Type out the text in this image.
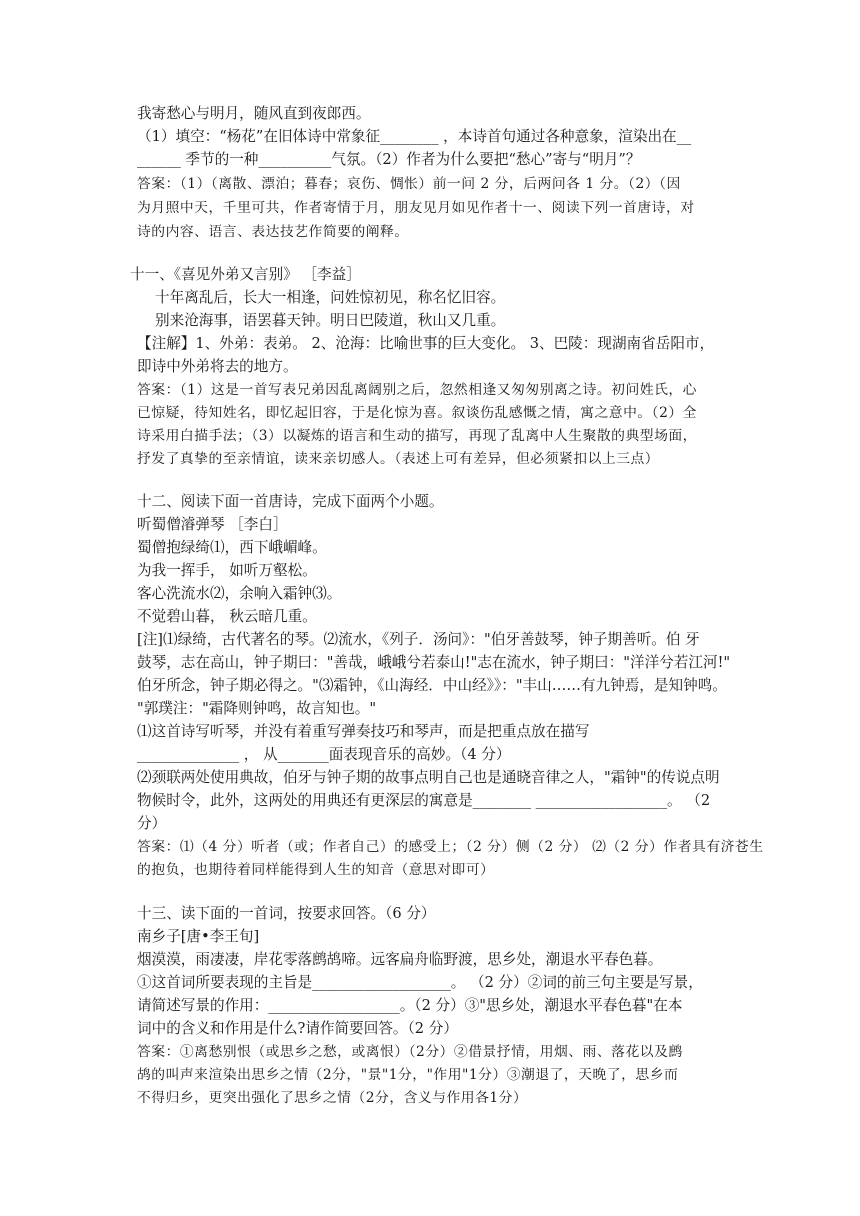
我寄愁心与明月，随风直到夜郎西。
（1）填空：“杨花”在旧体诗中常象征________ ，本诗首句通过各种意象，渲染出在__
______ 季节的一种__________气氛。（2）作者为什么要把“愁心”寄与“明月”？
答案：（1）（离散、漂泊；暮春；哀伤、惆怅）前一问 2 分，后两问各 1 分。（2）（因
为月照中天，千里可共，作者寄情于月，朋友见月如见作者十一、阅读下列一首唐诗，对
诗的内容、语言、表达技艺作简要的阐释。
十一、《喜见外弟又言别》 ［李益］
十年离乱后，长大一相逢，问姓惊初见，称名忆旧容。
别来沧海事，语罢暮天钟。明日巴陵道，秋山又几重。
【注解】1、外弟：表弟。 2、沧海：比喻世事的巨大变化。 3、巴陵：现湖南省岳阳市，
即诗中外弟将去的地方。
答案：（1）这是一首写表兄弟因乱离阔别之后，忽然相逢又匆匆别离之诗。初问姓氏，心
已惊疑，待知姓名，即忆起旧容，于是化惊为喜。叙谈伤乱感慨之情，寓之意中。（2）全
诗采用白描手法；（3）以凝炼的语言和生动的描写，再现了乱离中人生聚散的典型场面，
抒发了真挚的至亲情谊，读来亲切感人。（表述上可有差异，但必须紧扣以上三点）
十二、阅读下面一首唐诗，完成下面两个小题。
听蜀僧濬弹琴 ［李白］
蜀僧抱绿绮⑴，西下峨嵋峰。
为我一挥手， 如听万壑松。
客心洗流水⑵，余响入霜钟⑶。
不觉碧山暮， 秋云暗几重。
[注]⑴绿绮，古代著名的琴。⑵流水，《列子．汤问》："伯牙善鼓琴，钟子期善听。伯 牙
鼓琴，志在高山，钟子期曰："善哉，峨峨兮若泰山!"志在流水，钟子期曰："洋洋兮若江河!"
伯牙所念，钟子期必得之。"⑶霜钟，《山海经．中山经》》："丰山……有九钟焉，是知钟鸣。
"郭璞注："霜降则钟鸣，故言知也。"
⑴这首诗写听琴，并没有着重写弹奏技巧和琴声，而是把重点放在描写
______________ ， 从_______面表现音乐的高妙。（4 分）
⑵颈联两处使用典故，伯牙与钟子期的故事点明自己也是通晓音律之人，"霜钟"的传说点明
物候时令，此外，这两处的用典还有更深层的寓意是________ __________________。 （2
分）
答案：⑴（4 分）听者（或；作者自己）的感受上；（2 分）侧（2 分） ⑵（2 分）作者具有济苍生
的抱负，也期待着同样能得到人生的知音（意思对即可）
十三、读下面的一首词，按要求回答。（6 分）
南乡子[唐•李王旬]
烟漠漠，雨凄凄，岸花零落鹧鸪啼。远客扁舟临野渡，思乡处，潮退水平春色暮。
①这首词所要表现的主旨是___________________。 （2 分）②词的前三句主要是写景，
请简述写景的作用：__________________。（2 分）③"思乡处，潮退水平春色暮"在本
词中的含义和作用是什么?请作简要回答。（2 分）
答案：①离愁别恨（或思乡之愁，或离恨）（2分）②借景抒情，用烟、雨、落花以及鹧
鸪的叫声来渲染出思乡之情（2分，"景"1分，"作用"1分）③潮退了，天晚了，思乡而
不得归乡，更突出强化了思乡之情（2分，含义与作用各1分）
